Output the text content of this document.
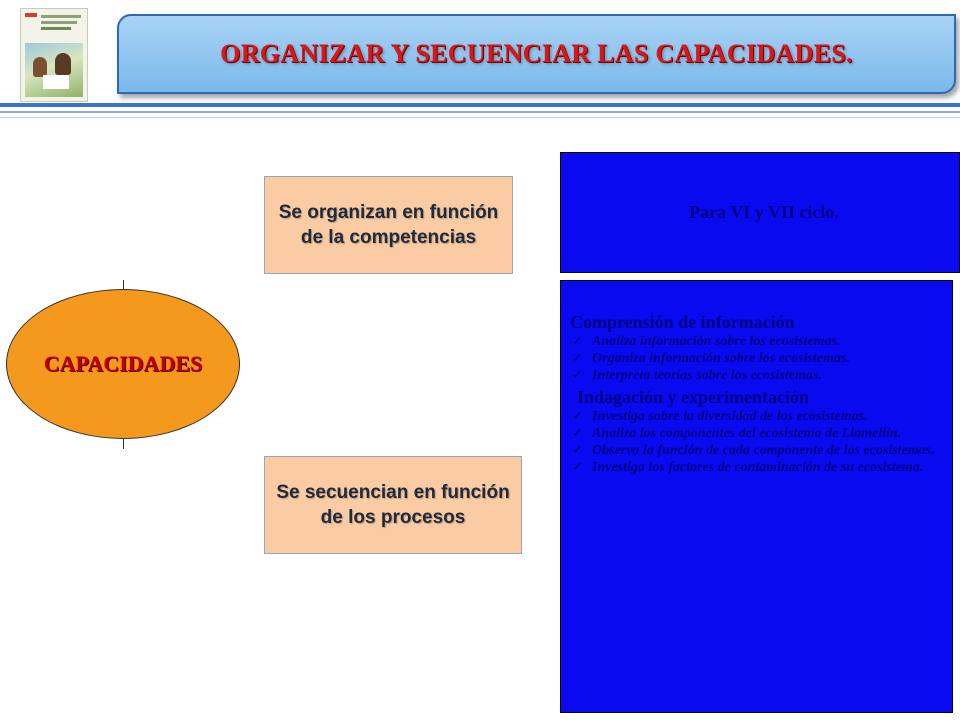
ORGANIZAR Y SECUENCIAR LAS CAPACIDADES.
CAPACIDADES
Se organizan en función de la competencias
Se secuencian en función de los procesos
Para VI y VII ciclo.

Comprensión de información

✓ Analiza información sobre los ecosistemas.
✓ Organiza información sobre los ecosistemas.
✓ Interpreta teorías sobre los ecosistemas.

Indagación y experimentación

✓ Investiga sobre la diversidad de los ecosistemas.
✓ Analiza los componentes del ecosistema de Llamellín.
✓ Observa la función de cada componente de los ecosistemas.
✓ Investiga los factores de contaminación de su ecosistema.
